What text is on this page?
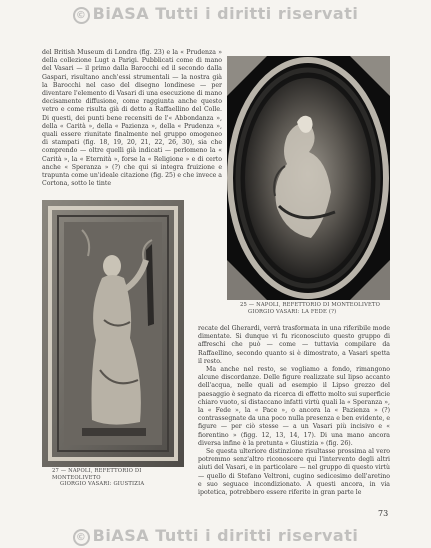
© BiASA Tutti i diritti riservati
25 — NAPOLI, REFETTORIO DI MONTEOLIVETO
GIORGIO VASARI: LA FEDE (?)
27 — NAPOLI, REFETTORIO DI MONTEOLIVETO
GIORGIO VASARI: GIUSTIZIA

del British Museum di Londra (fig. 23) e la « Prudenza » della collezione Lugt a Parigi. Pubblicati come di mano del Vasari — il primo dalla Barocchi ed il secondo dalla Gaspari, risultano anch'essi strumentali — la nostra già la Barocchi nel caso del disegno londinese — per diventare l'elemento di Vasari di una esecuzione di mano decisamente diffusione, come raggiunta anche questo vetro e come risulta già di detto a Raffaellino del Colle. Di questi, dei punti bene recensiti de l'« Abbondanza », della « Carità », della « Pazienza », della « Prudenza », quali essere riunitate finalmente nel gruppo omogeneo di stampati (fig. 18, 19, 20, 21, 22, 26, 30), sia che comprendo — oltre quelli già indicati — perlomeno la « Carità », la « Eternità », forse la « Religione » e di certo anche « Speranza » (?) che qui si integra fruizione e trapunta come un'ideale citazione (fig. 25) e che invece a Cortona, sotto le tinte

recate del Gherardi, verrà trasformata in una riferibile mode dimentate. Si dunque vi fu riconosciuto questo gruppo di affreschi che può — come — tuttavia compilare da Raffaellino, secondo quanto si è dimostrato, a Vasari spetta il resto.

Ma anche nel resto, se vogliamo a fondo, rimangono alcune discordanze. Delle figure realizzate sul lipso accanto dell'acqua, nelle quali ad esempio il Lipso grezzo del paesaggio è segnato da ricerca di effetto molto sui superficie chiaro vuoto, si distaccano infatti virtù quali la « Speranza », la « Fede », la « Pace », o ancora la « Pazienza » (?) contrassegnate da una poco nulla presenza e ben evidente, e figure — per ciò stesse — a un Vasari più incisivo e « fiorentino » (figg. 12, 13, 14, 17). Di una mano ancora diversa infine è la pretunta « Giustizia » (fig. 26).

Se questa ulteriore distinzione risultasse prossima al vero potremmo senz'altro riconoscere qui l'intervento degli altri aiuti del Vasari, e in particolare — nel gruppo di questo virtù — quello di Stefano Veltroni, cugino sedicesimo dell'aretino e suo seguace incondizionato. A questi ancora, in via ipotetica, potrebbero essere riferite in gran parte le

73
© BiASA Tutti i diritti riservati
